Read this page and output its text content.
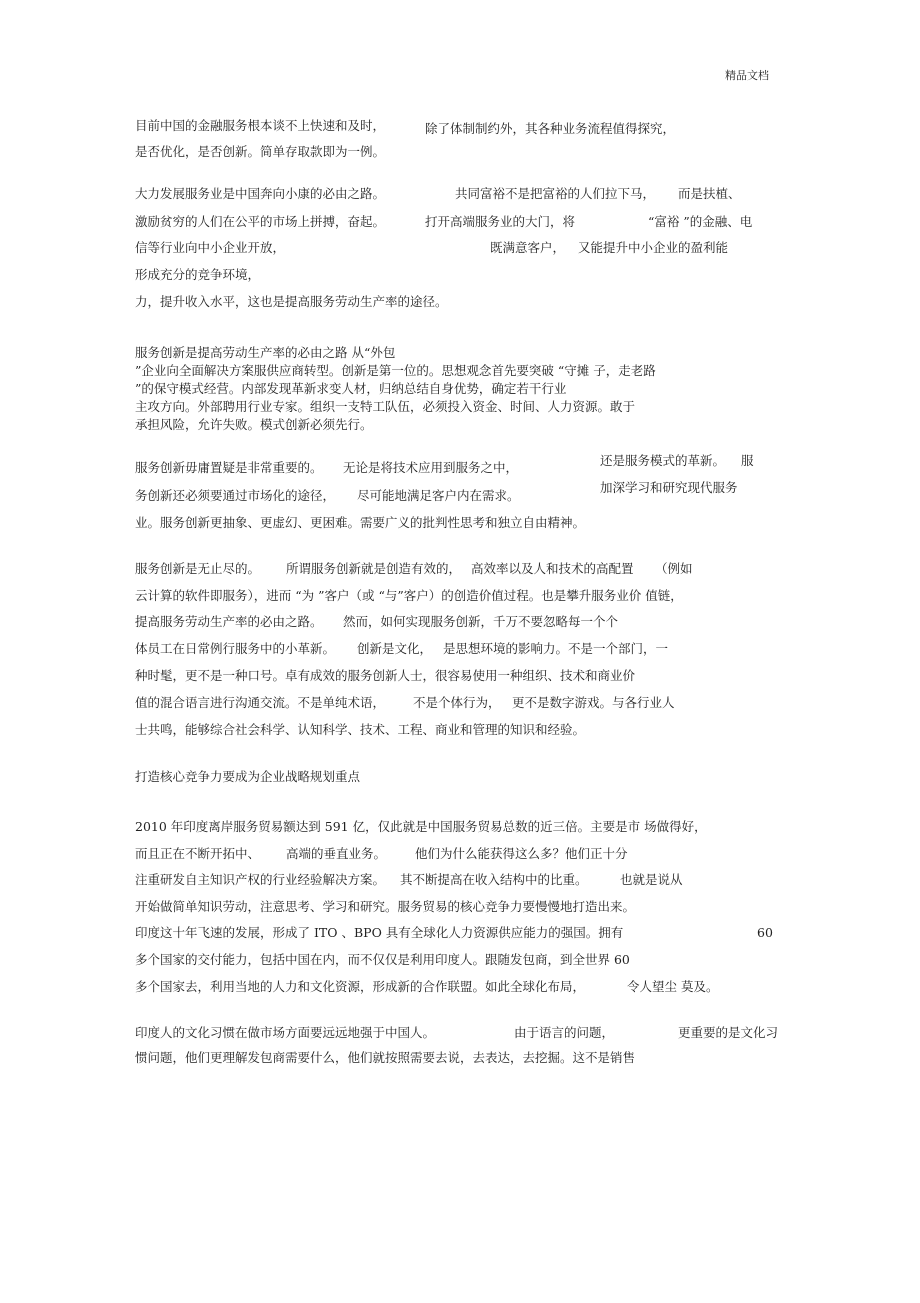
精品文档
目前中国的金融服务根本谈不上快速和及时，	除了体制制约外，其各种业务流程值得探究，
是否优化，是否创新。简单存取款即为一例。
大力发展服务业是中国奔向小康的必由之路。	共同富裕不是把富裕的人们拉下马， 而是扶植、
激励贫穷的人们在公平的市场上拼搏，奋起。	打开高端服务业的大门，将	“富裕 ”的金融、电
信等行业向中小企业开放，	既满意客户， 又能提升中小企业的盈利能
形成充分的竞争环境，
力，提升收入水平，这也是提高服务劳动生产率的途径。
服务创新是提高劳动生产率的必由之路 从“外包
”企业向全面解决方案服供应商转型。创新是第一位的。思想观念首先要突破 “守摊 子，走老路
”的保守模式经营。内部发现革新求变人材，归纳总结自身优势，确定若干行业
主攻方向。外部聘用行业专家。组织一支特工队伍，必须投入资金、时间、人力资源。敢于
承担风险，允许失败。模式创新必须先行。
服务创新毋庸置疑是非常重要的。 无论是将技术应用到服务之中，	还是服务模式的革新。 服
务创新还必须要通过市场化的途径， 尽可能地满足客户内在需求。
加深学习和研究现代服务
业。服务创新更抽象、更虚幻、更困难。需要广义的批判性思考和独立自由精神。
服务创新是无止尽的。 所谓服务创新就是创造有效的， 高效率以及人和技术的高配置 （例如
云计算的软件即服务），进而 “为 ”客户（或 “与”客户）的创造价值过程。也是攀升服务业价 值链，
提高服务劳动生产率的必由之路。 然而，如何实现服务创新，千万不要忽略每一个个
体员工在日常例行服务中的小革新。 创新是文化， 是思想环境的影响力。不是一个部门，一
种时髦，更不是一种口号。卓有成效的服务创新人士，很容易使用一种组织、技术和商业价
值的混合语言进行沟通交流。不是单纯术语， 不是个体行为， 更不是数字游戏。与各行业人
士共鸣，能够综合社会科学、认知科学、技术、工程、商业和管理的知识和经验。
打造核心竞争力要成为企业战略规划重点
2010 年印度离岸服务贸易额达到 591 亿，仅此就是中国服务贸易总数的近三倍。主要是市 场做得好，
而且正在不断开拓中、 高端的垂直业务。 他们为什么能获得这么多？他们正十分
注重研发自主知识产权的行业经验解决方案。 其不断提高在收入结构中的比重。	也就是说从
开始做简单知识劳动，注意思考、学习和研究。服务贸易的核心竞争力要慢慢地打造出来。
印度这十年飞速的发展，形成了 ITO 、BPO 具有全球化人力资源供应能力的强国。拥有	60
多个国家的交付能力，包括中国在内，而不仅仅是利用印度人。跟随发包商，到全世界 60
多个国家去，利用当地的人力和文化资源，形成新的合作联盟。如此全球化布局，	令人望尘 莫及。
印度人的文化习惯在做市场方面要远远地强于中国人。	由于语言的问题，	更重要的是文化习
惯问题，他们更理解发包商需要什么，他们就按照需要去说，去表达，去挖掘。这不是销售
